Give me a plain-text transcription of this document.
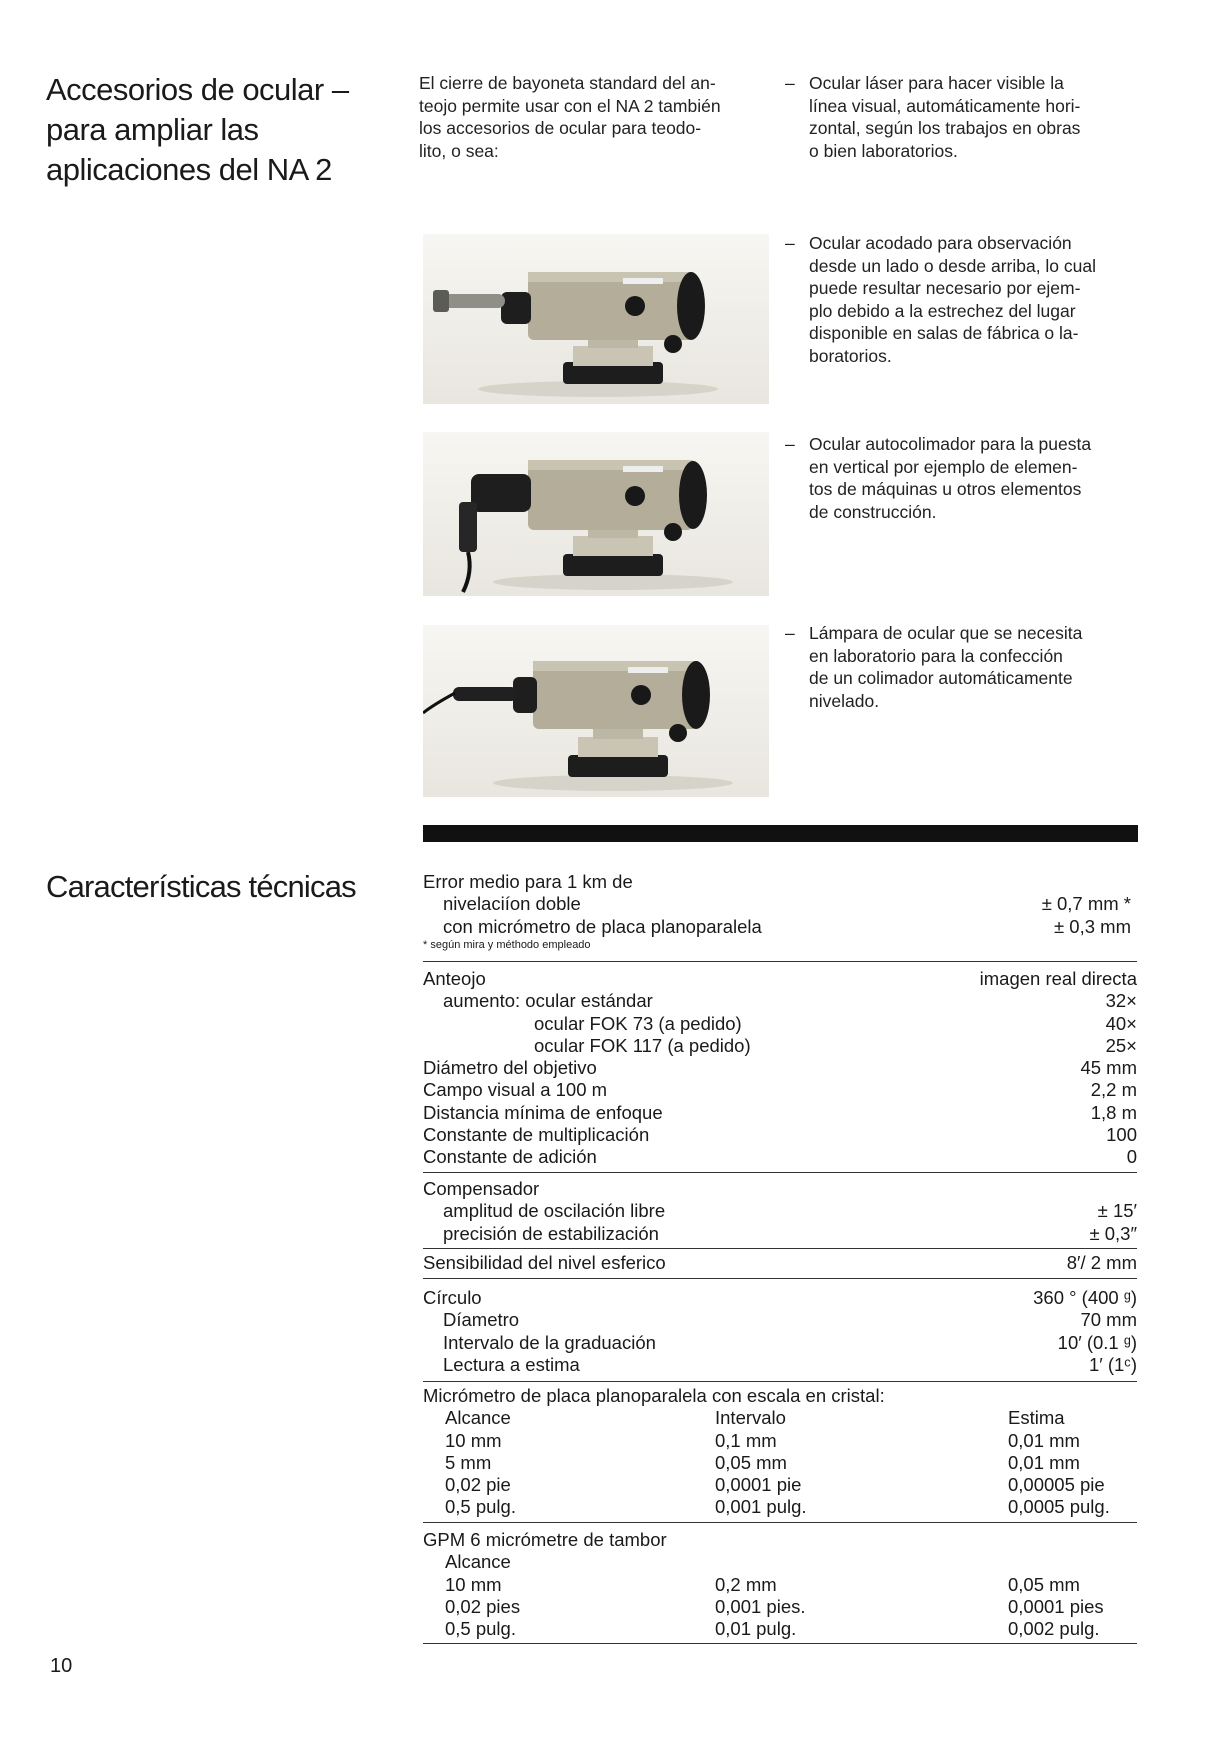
Accesorios de ocular –
para ampliar las
aplicaciones del NA 2
El cierre de bayoneta standard del an-
teojo permite usar con el NA 2 también
los accesorios de ocular para teodo-
lito, o sea:
– Ocular láser para hacer visible la
línea visual, automáticamente hori-
zontal, según los trabajos en obras
o bien laboratorios.
– Ocular acodado para observación
desde un lado o desde arriba, lo cual
puede resultar necesario por ejem-
plo debido a la estrechez del lugar
disponible en salas de fábrica o la-
boratorios.
– Ocular autocolimador para la puesta
en vertical por ejemplo de elemen-
tos de máquinas u otros elementos
de construcción.
– Lámpara de ocular que se necesita
en laboratorio para la confección
de un colimador automáticamente
nivelado.
Características técnicas	Error medio para 1 km de
nivelaciíon doble	± 0,7 mm *
con micrómetro de placa planoparalela	± 0,3 mm
* según mira y méthodo empleado
Anteojo	imagen real directa
aumento: ocular estándar	32×
ocular FOK 73 (a pedido)	40×
ocular FOK 117 (a pedido)	25×
Diámetro del objetivo	45 mm
Campo visual a 100 m	2,2 m
Distancia mínima de enfoque	1,8 m
Constante de multiplicación	100
Constante de adición	0
Compensador
amplitud de oscilación libre	± 15′
precisión de estabilización	± 0,3″
Sensibilidad del nivel esferico	8′/ 2 mm
Círculo	360 ° (400 ᵍ)
Díametro	70 mm
Intervalo de la graduación	10′ (0.1 ᵍ)
Lectura a estima	1′ (1ᶜ)
Micrómetro de placa planoparalela con escala en cristal:
Alcance	Intervalo	Estima
10 mm	0,1 mm	0,01 mm
5 mm	0,05 mm	0,01 mm
0,02 pie	0,0001 pie	0,00005 pie
0,5 pulg.	0,001 pulg.	0,0005 pulg.
GPM 6 micrómetre de tambor
Alcance
10 mm	0,2 mm	0,05 mm
0,02 pies	0,001 pies.	0,0001 pies
0,5 pulg.	0,01 pulg.	0,002 pulg.
10
